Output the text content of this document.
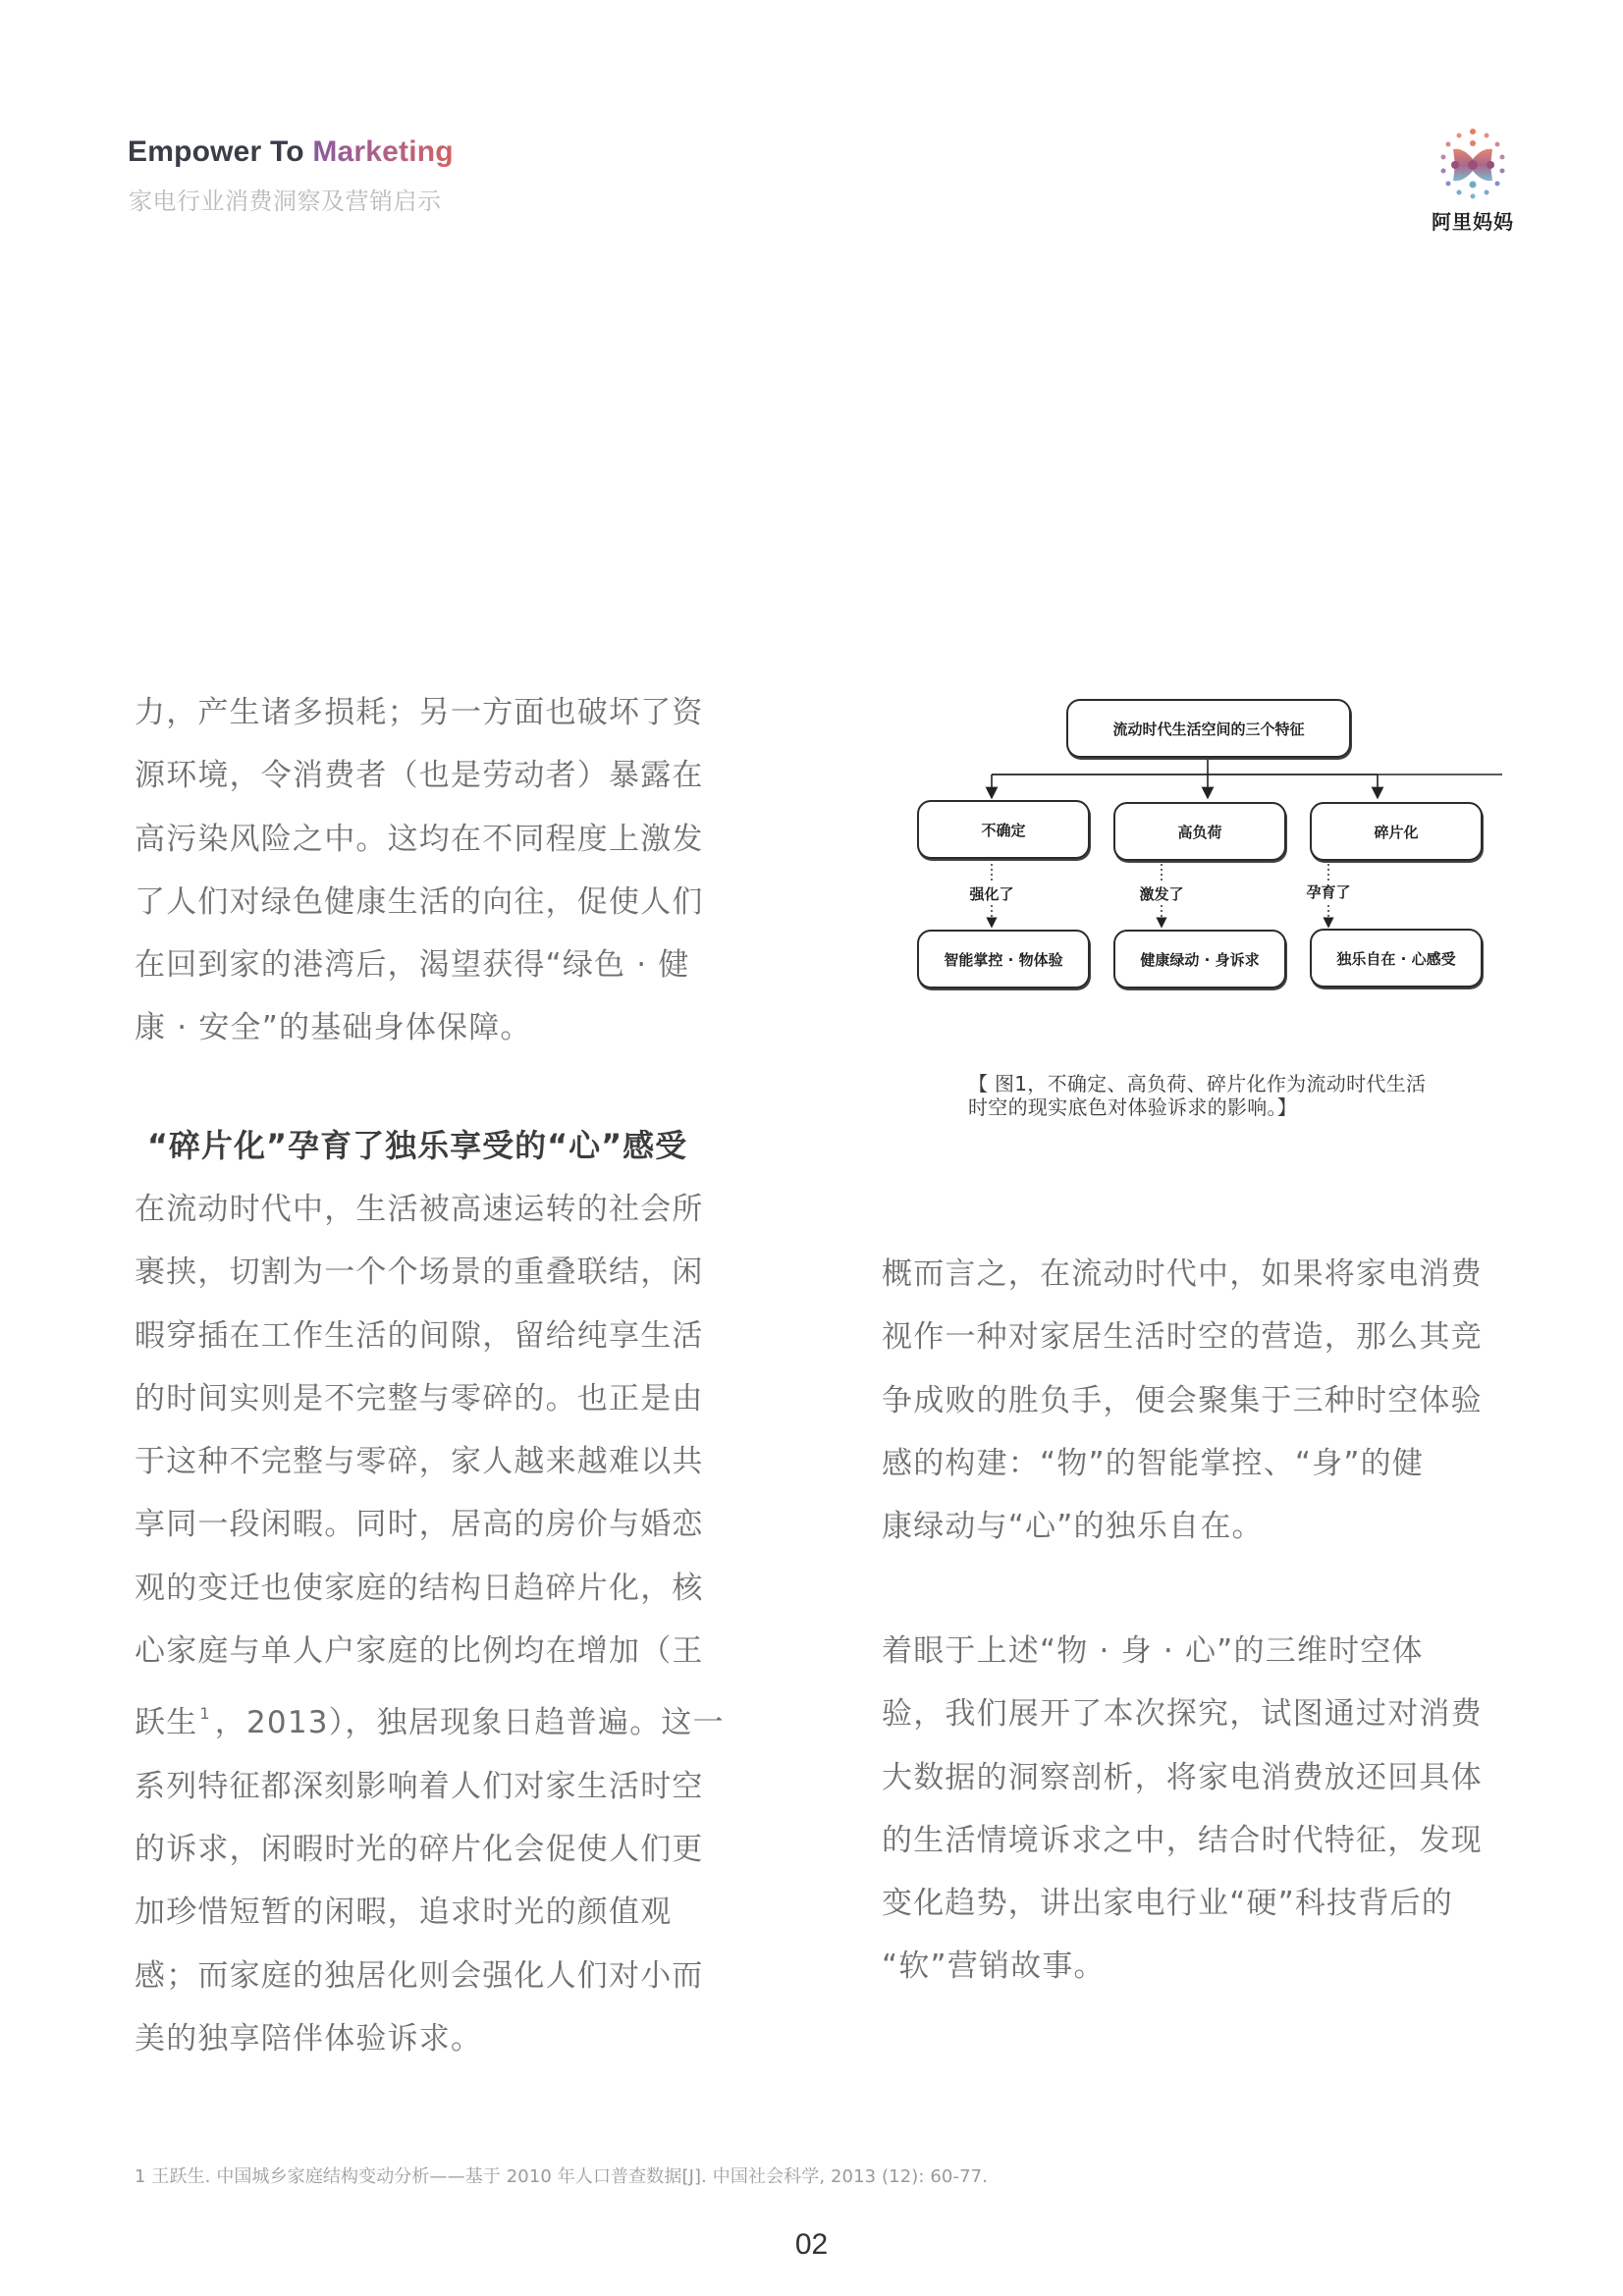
Empower To Marketing
家电行业消费洞察及营销启示
阿里妈妈

力，产生诸多损耗；另一方面也破坏了资

源环境，令消费者（也是劳动者）暴露在

高污染风险之中。这均在不同程度上激发

了人们对绿色健康生活的向往，促使人们

在回到家的港湾后，渴望获得“绿色 · 健

康 · 安全”的基础身体保障。

“碎片化”孕育了独乐享受的“心”感受

在流动时代中，生活被高速运转的社会所

裹挟，切割为一个个场景的重叠联结，闲

暇穿插在工作生活的间隙，留给纯享生活

的时间实则是不完整与零碎的。也正是由

于这种不完整与零碎，家人越来越难以共

享同一段闲暇。同时，居高的房价与婚恋

观的变迁也使家庭的结构日趋碎片化，核

心家庭与单人户家庭的比例均在增加（王

跃生 $^1$ ，2013），独居现象日趋普遍。这一

系列特征都深刻影响着人们对家生活时空

的诉求，闲暇时光的碎片化会促使人们更

加珍惜短暂的闲暇，追求时光的颜值观

感；而家庭的独居化则会强化人们对小而

美的独享陪伴体验诉求。

流动时代生活空间的三个特征
不确定	高负荷	碎片化
强化了	激发了	孕育了
智能掌控 · 物体验	健康绿动 · 身诉求	独乐自在 · 心感受

【 图1，不确定、高负荷、碎片化作为流动时代生活

时空的现实底色对体验诉求的影响。】

概而言之，在流动时代中，如果将家电消费

视作一种对家居生活时空的营造，那么其竞

争成败的胜负手，便会聚集于三种时空体验

感的构建：“物”的智能掌控、“身”的健

康绿动与“心”的独乐自在。

着眼于上述“物 · 身 · 心”的三维时空体

验，我们展开了本次探究，试图通过对消费

大数据的洞察剖析，将家电消费放还回具体

的生活情境诉求之中，结合时代特征，发现

变化趋势，讲出家电行业“硬”科技背后的

“软”营销故事。

1 王跃生. 中国城乡家庭结构变动分析——基于 2010 年人口普查数据[J]. 中国社会科学, 2013 (12): 60-77.
02
